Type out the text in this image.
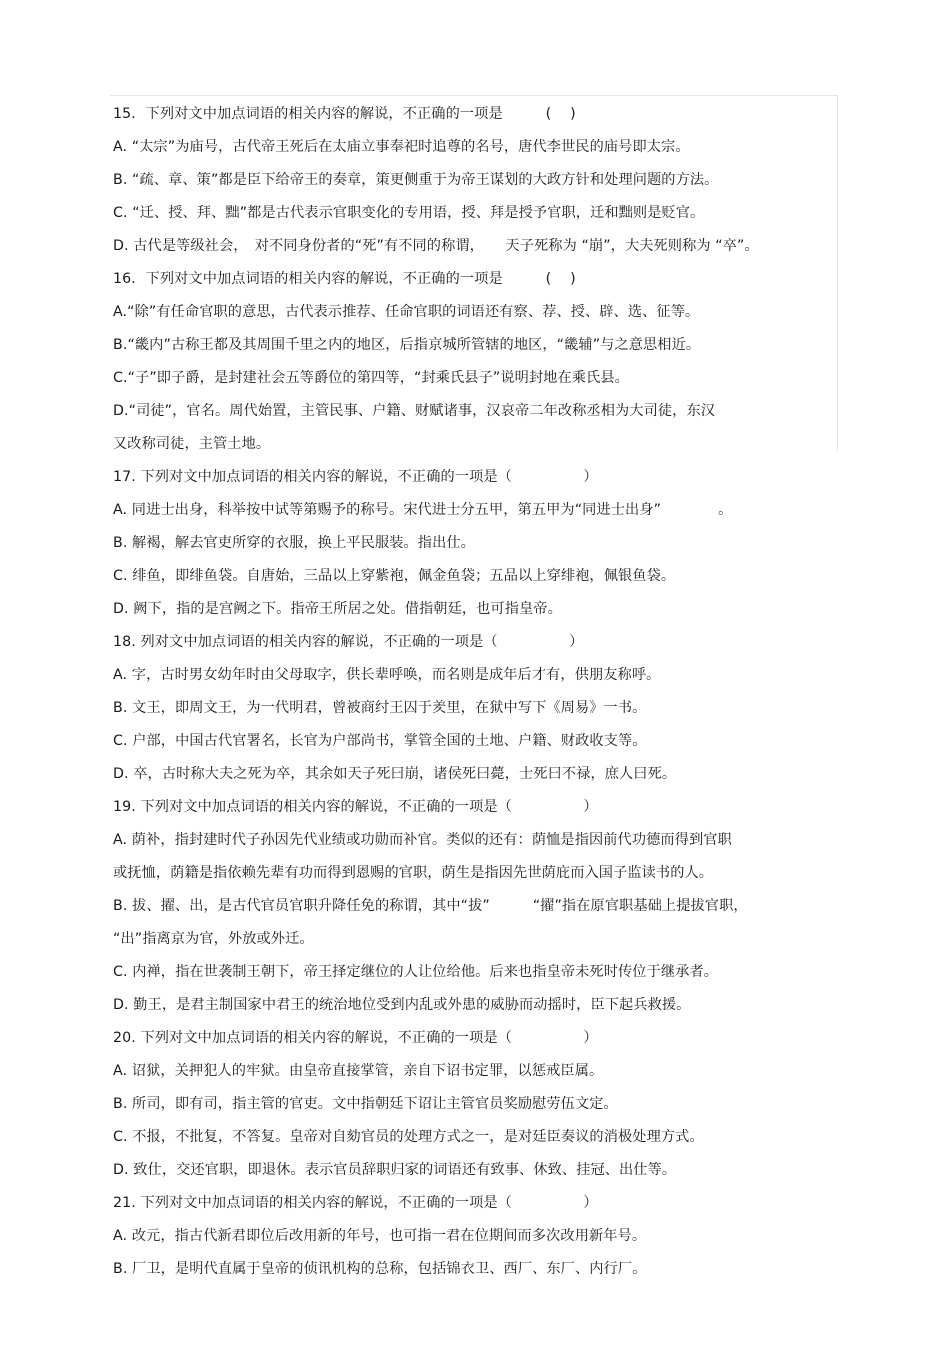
15．下列对文中加点词语的相关内容的解说，不正确的一项是　　　(　 )
A. “太宗”为庙号，古代帝王死后在太庙立事奉祀时追尊的名号，唐代李世民的庙号即太宗。
B. “疏、章、策”都是臣下给帝王的奏章，策更侧重于为帝王谋划的大政方针和处理问题的方法。
C. “迁、授、拜、黜”都是古代表示官职变化的专用语，授、拜是授予官职，迁和黜则是贬官。
D. 古代是等级社会，　对不同身份者的“死”有不同的称谓，　　天子死称为 “崩”，大夫死则称为 “卒”。
16．下列对文中加点词语的相关内容的解说，不正确的一项是　　　(　 )
A.“除”有任命官职的意思，古代表示推荐、任命官职的词语还有察、荐、授、辟、选、征等。
B.“畿内”古称王都及其周围千里之内的地区，后指京城所管辖的地区，“畿辅”与之意思相近。
C.“子”即子爵，是封建社会五等爵位的第四等，“封乘氏县子”说明封地在乘氏县。
D.“司徒”，官名。周代始置，主管民事、户籍、财赋诸事，汉哀帝二年改称丞相为大司徒，东汉
又改称司徒，主管土地。
17. 下列对文中加点词语的相关内容的解说，不正确的一项是（　　　　　）
A. 同进士出身，科举按中试等第赐予的称号。宋代进士分五甲，第五甲为“同进士出身”　　　　。
B. 解褐，解去官吏所穿的衣服，换上平民服装。指出仕。
C. 绯鱼，即绯鱼袋。自唐始，三品以上穿紫袍，佩金鱼袋；五品以上穿绯袍，佩银鱼袋。
D. 阙下，指的是宫阙之下。指帝王所居之处。借指朝廷，也可指皇帝。
18. 列对文中加点词语的相关内容的解说，不正确的一项是（　　　　　）
A. 字，古时男女幼年时由父母取字，供长辈呼唤，而名则是成年后才有，供朋友称呼。
B. 文王，即周文王，为一代明君，曾被商纣王囚于羑里，在狱中写下《周易》一书。
C. 户部，中国古代官署名，长官为户部尚书，掌管全国的土地、户籍、财政收支等。
D. 卒，古时称大夫之死为卒，其余如天子死曰崩，诸侯死曰薨，士死曰不禄，庶人曰死。
19. 下列对文中加点词语的相关内容的解说，不正确的一项是（　　　　　）
A. 荫补，指封建时代子孙因先代业绩或功勋而补官。类似的还有：荫恤是指因前代功德而得到官职
或抚恤，荫籍是指依赖先辈有功而得到恩赐的官职，荫生是指因先世荫庇而入国子监读书的人。
B. 拔、擢、出，是古代官员官职升降任免的称谓，其中“拔”　　　“擢”指在原官职基础上提拔官职，
“出”指离京为官，外放或外迁。
C. 内禅，指在世袭制王朝下，帝王择定继位的人让位给他。后来也指皇帝未死时传位于继承者。
D. 勤王，是君主制国家中君王的统治地位受到内乱或外患的威胁而动摇时，臣下起兵救援。
20. 下列对文中加点词语的相关内容的解说，不正确的一项是（　　　　　）
A. 诏狱，关押犯人的牢狱。由皇帝直接掌管，亲自下诏书定罪，以惩戒臣属。
B. 所司，即有司，指主管的官吏。文中指朝廷下诏让主管官员奖励慰劳伍文定。
C. 不报，不批复，不答复。皇帝对自劾官员的处理方式之一，是对廷臣奏议的消极处理方式。
D. 致仕，交还官职，即退休。表示官员辞职归家的词语还有致事、休致、挂冠、出仕等。
21. 下列对文中加点词语的相关内容的解说，不正确的一项是（　　　　　）
A. 改元，指古代新君即位后改用新的年号，也可指一君在位期间而多次改用新年号。
B. 厂卫，是明代直属于皇帝的侦讯机构的总称，包括锦衣卫、西厂、东厂、内行厂。
